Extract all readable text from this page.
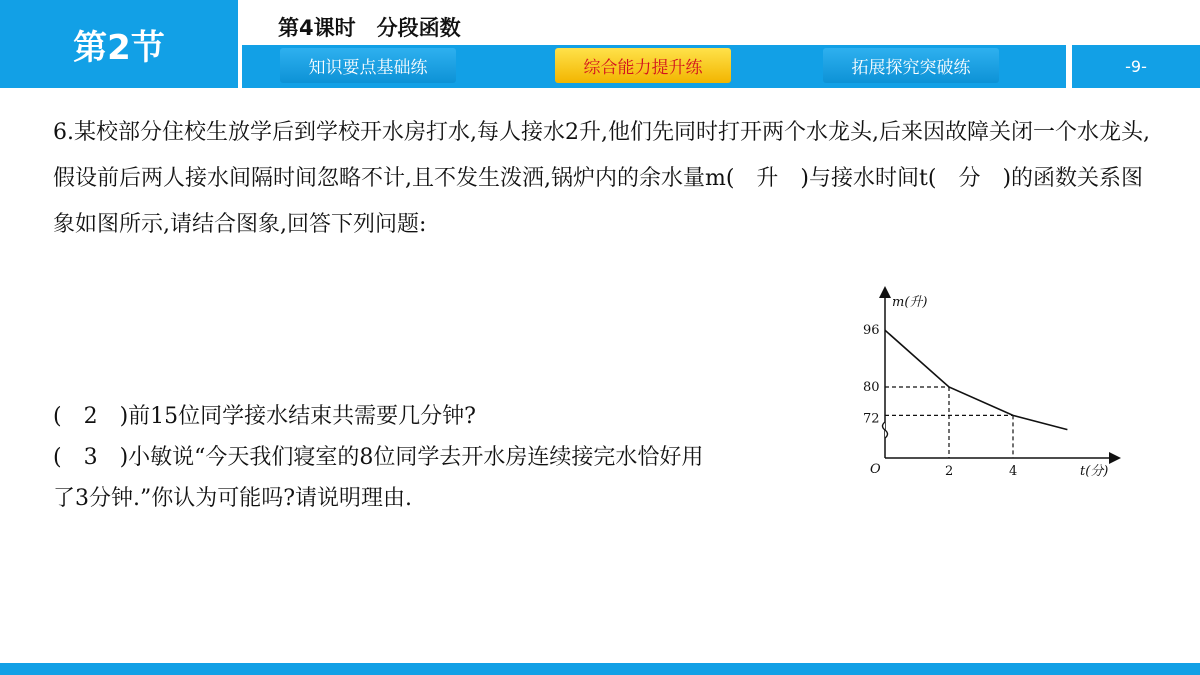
第2节	第4课时　分段函数
知识要点基础练	综合能力提升练	拓展探究突破练	-9-
6.某校部分住校生放学后到学校开水房打水,每人接水2升,他们先同时打开两个水龙头,后来因故障关闭一个水龙头,假设前后两人接水间隔时间忽略不计,且不发生泼洒,锅炉内的余水量m(　升　)与接水时间t(　分　)的函数关系图象如图所示,请结合图象,回答下列问题:
(　2　)前15位同学接水结束共需要几分钟?
(　3　)小敏说“今天我们寝室的8位同学去开水房连续接完水恰好用
了3分钟.”你认为可能吗?请说明理由.
m(升)
t(分)
O	2	4
72
80
96
